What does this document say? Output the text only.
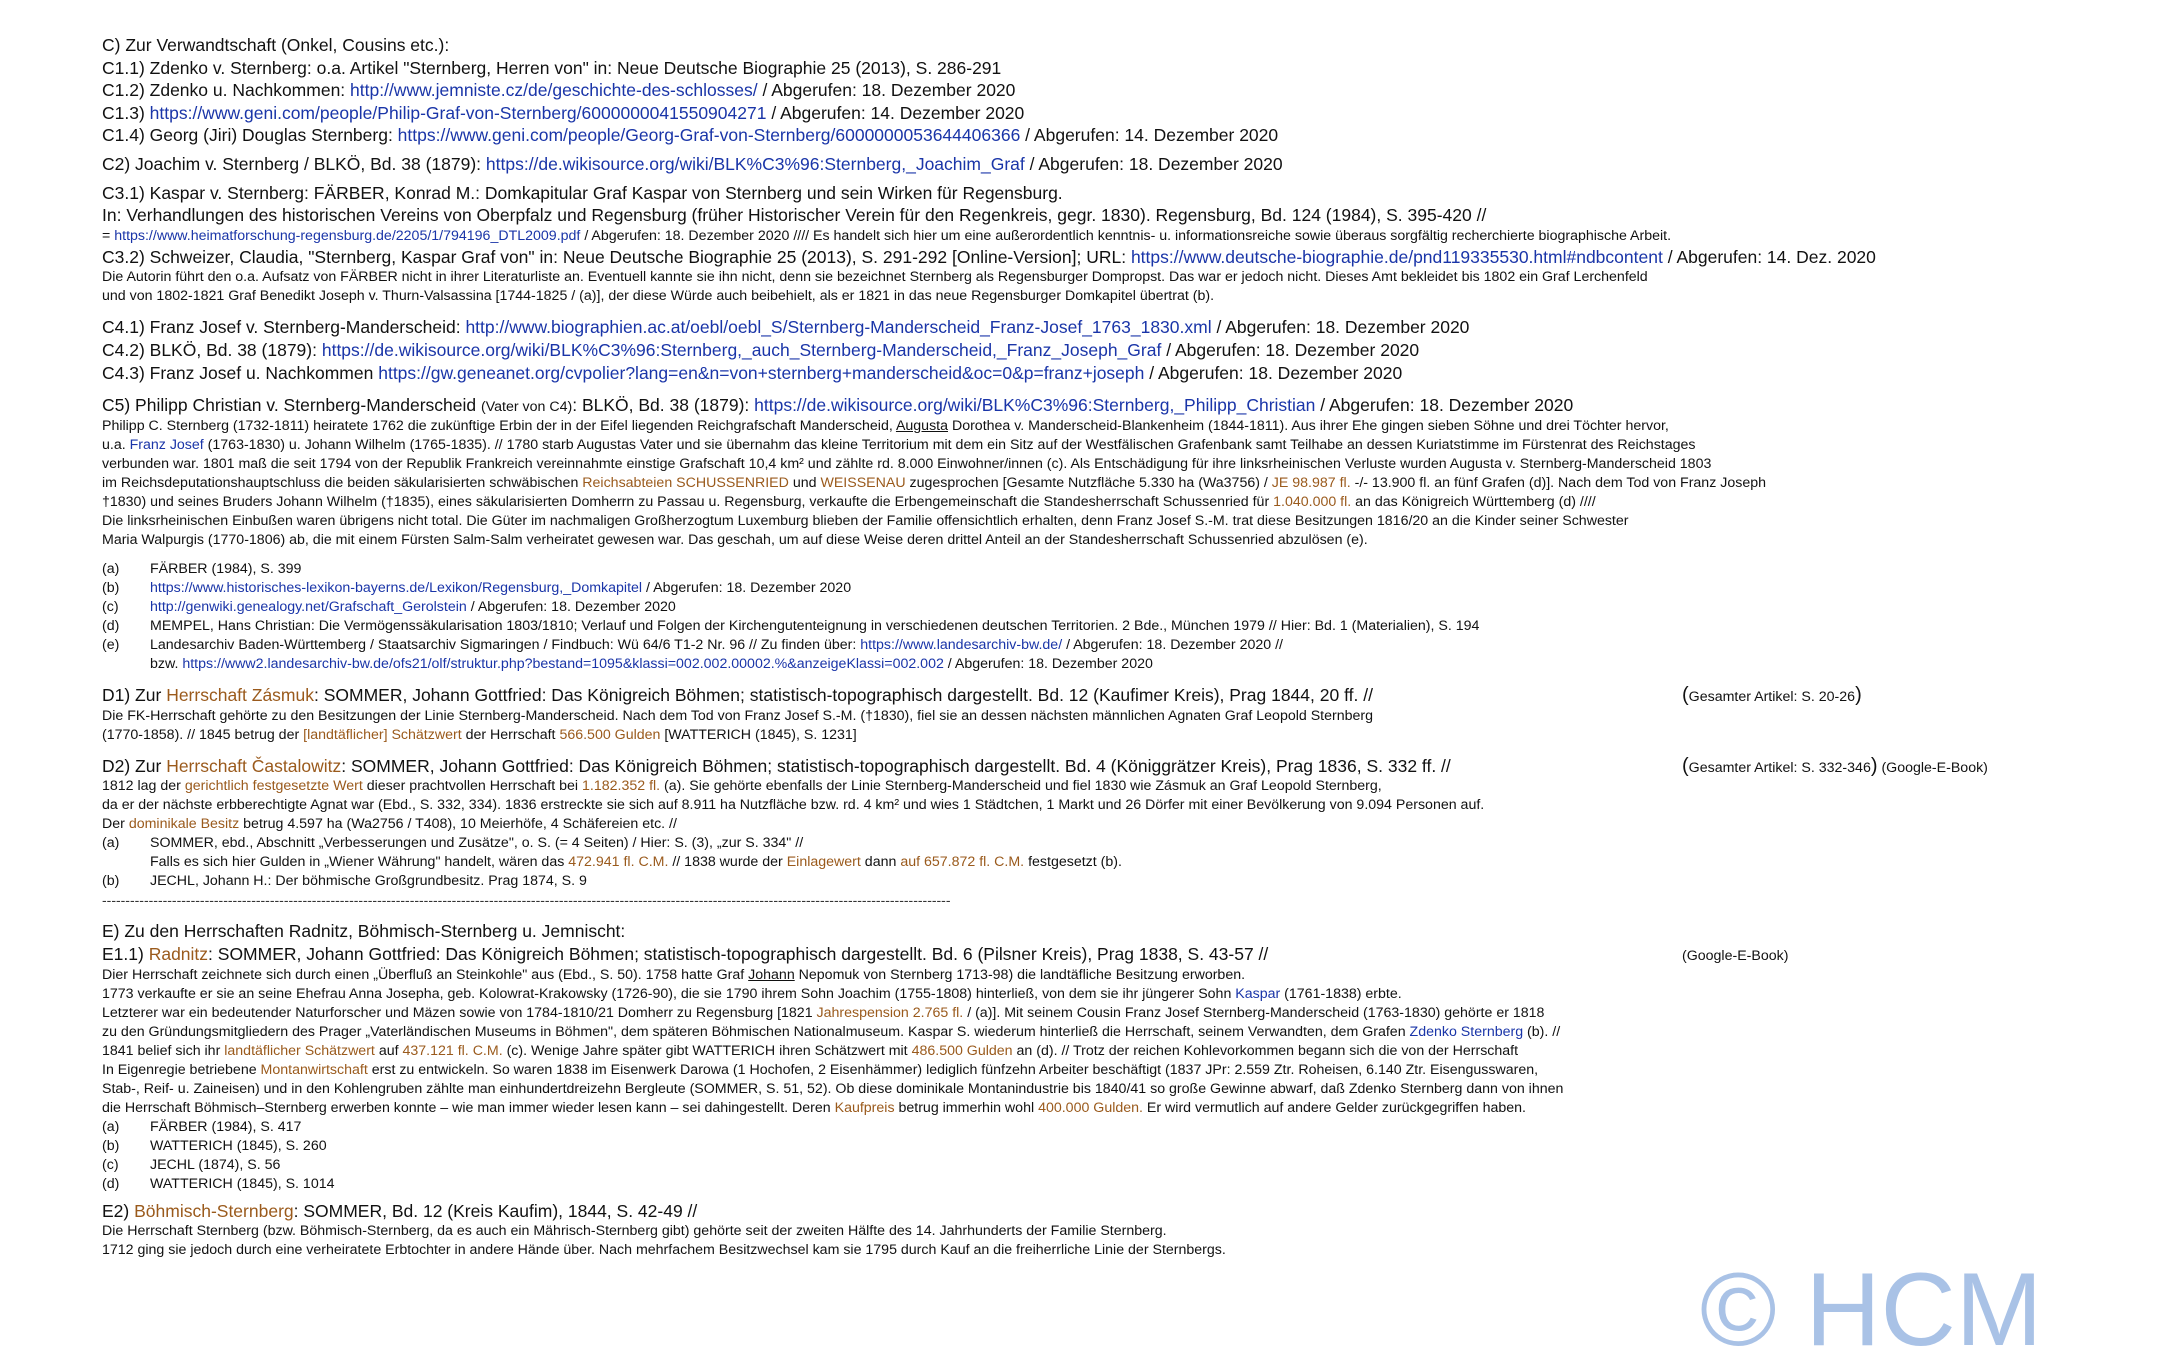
C) Zur Verwandtschaft (Onkel, Cousins etc.):
C1.1) Zdenko v. Sternberg: o.a. Artikel "Sternberg, Herren von" in: Neue Deutsche Biographie 25 (2013), S. 286-291
C1.2) Zdenko u. Nachkommen: http://www.jemniste.cz/de/geschichte-des-schlosses/ / Abgerufen: 18. Dezember 2020
C1.3) https://www.geni.com/people/Philip-Graf-von-Sternberg/6000000041550904271 / Abgerufen: 14. Dezember 2020
C1.4) Georg (Jiri) Douglas Sternberg: https://www.geni.com/people/Georg-Graf-von-Sternberg/6000000053644406366 / Abgerufen: 14. Dezember 2020
C2) Joachim v. Sternberg / BLKÖ, Bd. 38 (1879): https://de.wikisource.org/wiki/BLK%C3%96:Sternberg,_Joachim_Graf / Abgerufen: 18. Dezember 2020
C3.1) Kaspar v. Sternberg: FÄRBER, Konrad M.: Domkapitular Graf Kaspar von Sternberg und sein Wirken für Regensburg.
In: Verhandlungen des historischen Vereins von Oberpfalz und Regensburg (früher Historischer Verein für den Regenkreis, gegr. 1830). Regensburg, Bd. 124 (1984), S. 395-420 //
= https://www.heimatforschung-regensburg.de/2205/1/794196_DTL2009.pdf / Abgerufen: 18. Dezember 2020 //// Es handelt sich hier um eine außerordentlich kenntnis- u. informationsreiche sowie überaus sorgfältig recherchierte biographische Arbeit.
C3.2) Schweizer, Claudia, "Sternberg, Kaspar Graf von" in: Neue Deutsche Biographie 25 (2013), S. 291-292 [Online-Version]; URL: https://www.deutsche-biographie.de/pnd119335530.html#ndbcontent / Abgerufen: 14. Dez. 2020
Die Autorin führt den o.a. Aufsatz von FÄRBER nicht in ihrer Literaturliste an. Eventuell kannte sie ihn nicht, denn sie bezeichnet Sternberg als Regensburger Dompropst. Das war er jedoch nicht. Dieses Amt bekleidet bis 1802 ein Graf Lerchenfeld
und von 1802-1821 Graf Benedikt Joseph v. Thurn-Valsassina [1744-1825 / (a)], der diese Würde auch beibehielt, als er 1821 in das neue Regensburger Domkapitel übertrat (b).
C4.1) Franz Josef v. Sternberg-Manderscheid: http://www.biographien.ac.at/oebl/oebl_S/Sternberg-Manderscheid_Franz-Josef_1763_1830.xml / Abgerufen: 18. Dezember 2020
C4.2) BLKÖ, Bd. 38 (1879): https://de.wikisource.org/wiki/BLK%C3%96:Sternberg,_auch_Sternberg-Manderscheid,_Franz_Joseph_Graf / Abgerufen: 18. Dezember 2020
C4.3) Franz Josef u. Nachkommen https://gw.geneanet.org/cvpolier?lang=en&n=von+sternberg+manderscheid&oc=0&p=franz+joseph / Abgerufen: 18. Dezember 2020
C5) Philipp Christian v. Sternberg-Manderscheid (Vater von C4): BLKÖ, Bd. 38 (1879): https://de.wikisource.org/wiki/BLK%C3%96:Sternberg,_Philipp_Christian / Abgerufen: 18. Dezember 2020
Philipp C. Sternberg (1732-1811) heiratete 1762 die zukünftige Erbin der in der Eifel liegenden Reichgrafschaft Manderscheid, Augusta Dorothea v. Manderscheid-Blankenheim (1844-1811). Aus ihrer Ehe gingen sieben Söhne und drei Töchter hervor,
u.a. Franz Josef (1763-1830) u. Johann Wilhelm (1765-1835). // 1780 starb Augustas Vater und sie übernahm das kleine Territorium mit dem ein Sitz auf der Westfälischen Grafenbank samt Teilhabe an dessen Kuriatstimme im Fürstenrat des Reichstages
verbunden war. 1801 maß die seit 1794 von der Republik Frankreich vereinnahmte einstige Grafschaft 10,4 km² und zählte rd. 8.000 Einwohner/innen (c). Als Entschädigung für ihre linksrheinischen Verluste wurden Augusta v. Sternberg-Manderscheid 1803
im Reichsdeputationshauptschluss die beiden säkularisierten schwäbischen Reichsabteien SCHUSSENRIED und WEISSENAU zugesprochen [Gesamte Nutzfläche 5.330 ha (Wa3756) / JE 98.987 fl. -/- 13.900 fl. an fünf Grafen (d)]. Nach dem Tod von Franz Joseph
†1830) und seines Bruders Johann Wilhelm (†1835), eines säkularisierten Domherrn zu Passau u. Regensburg, verkaufte die Erbengemeinschaft die Standesherrschaft Schussenried für 1.040.000 fl. an das Königreich Württemberg (d) ////
Die linksrheinischen Einbußen waren übrigens nicht total. Die Güter im nachmaligen Großherzogtum Luxemburg blieben der Familie offensichtlich erhalten, denn Franz Josef S.-M. trat diese Besitzungen 1816/20 an die Kinder seiner Schwester
Maria Walpurgis (1770-1806) ab, die mit einem Fürsten Salm-Salm verheiratet gewesen war. Das geschah, um auf diese Weise deren drittel Anteil an der Standesherrschaft Schussenried abzulösen (e).
(a)	FÄRBER (1984), S. 399
(b)	https://www.historisches-lexikon-bayerns.de/Lexikon/Regensburg,_Domkapitel / Abgerufen: 18. Dezember 2020
(c)	http://genwiki.genealogy.net/Grafschaft_Gerolstein / Abgerufen: 18. Dezember 2020
(d)	MEMPEL, Hans Christian: Die Vermögenssäkularisation 1803/1810; Verlauf und Folgen der Kirchengutenteignung in verschiedenen deutschen Territorien. 2 Bde., München 1979 // Hier: Bd. 1 (Materialien), S. 194
(e)	Landesarchiv Baden-Württemberg / Staatsarchiv Sigmaringen / Findbuch: Wü 64/6 T1-2 Nr. 96 // Zu finden über: https://www.landesarchiv-bw.de/ / Abgerufen: 18. Dezember 2020 //
bzw. https://www2.landesarchiv-bw.de/ofs21/olf/struktur.php?bestand=1095&klassi=002.002.00002.%&anzeigeKlassi=002.002 / Abgerufen: 18. Dezember 2020
D1) Zur Herrschaft Zásmuk: SOMMER, Johann Gottfried: Das Königreich Böhmen; statistisch-topographisch dargestellt. Bd. 12 (Kaufimer Kreis), Prag 1844, 20 ff. //	(Gesamter Artikel: S. 20-26)
Die FK-Herrschaft gehörte zu den Besitzungen der Linie Sternberg-Manderscheid. Nach dem Tod von Franz Josef S.-M. (†1830), fiel sie an dessen nächsten männlichen Agnaten Graf Leopold Sternberg
(1770-1858). // 1845 betrug der [landtäflicher] Schätzwert der Herrschaft 566.500 Gulden [WATTERICH (1845), S. 1231]
D2) Zur Herrschaft Častalowitz: SOMMER, Johann Gottfried: Das Königreich Böhmen; statistisch-topographisch dargestellt. Bd. 4 (Königgrätzer Kreis), Prag 1836, S. 332 ff. //	(Gesamter Artikel: S. 332-346) (Google-E-Book)
1812 lag der gerichtlich festgesetzte Wert dieser prachtvollen Herrschaft bei 1.182.352 fl. (a). Sie gehörte ebenfalls der Linie Sternberg-Manderscheid und fiel 1830 wie Zásmuk an Graf Leopold Sternberg,
da er der nächste erbberechtigte Agnat war (Ebd., S. 332, 334). 1836 erstreckte sie sich auf 8.911 ha Nutzfläche bzw. rd. 4 km² und wies 1 Städtchen, 1 Markt und 26 Dörfer mit einer Bevölkerung von 9.094 Personen auf.
Der dominikale Besitz betrug 4.597 ha (Wa2756 / T408), 10 Meierhöfe, 4 Schäfereien etc. //
(a)	SOMMER, ebd., Abschnitt „Verbesserungen und Zusätze", o. S. (= 4 Seiten) / Hier: S. (3), „zur S. 334" //
Falls es sich hier Gulden in „Wiener Währung" handelt, wären das 472.941 fl. C.M. // 1838 wurde der Einlagewert dann auf 657.872 fl. C.M. festgesetzt (b).
(b)	JECHL, Johann H.: Der böhmische Großgrundbesitz. Prag 1874, S. 9
--------------------------------------------------------------------------------------------------------------------------------------------------------------------------------------
E) Zu den Herrschaften Radnitz, Böhmisch-Sternberg u. Jemnischt:
E1.1) Radnitz: SOMMER, Johann Gottfried: Das Königreich Böhmen; statistisch-topographisch dargestellt. Bd. 6 (Pilsner Kreis), Prag 1838, S. 43-57 //	(Google-E-Book)
Dier Herrschaft zeichnete sich durch einen „Überfluß an Steinkohle" aus (Ebd., S. 50). 1758 hatte Graf Johann Nepomuk von Sternberg 1713-98) die landtäfliche Besitzung erworben.
1773 verkaufte er sie an seine Ehefrau Anna Josepha, geb. Kolowrat-Krakowsky (1726-90), die sie 1790 ihrem Sohn Joachim (1755-1808) hinterließ, von dem sie ihr jüngerer Sohn Kaspar (1761-1838) erbte.
Letzterer war ein bedeutender Naturforscher und Mäzen sowie von 1784-1810/21 Domherr zu Regensburg [1821 Jahrespension 2.765 fl. / (a)]. Mit seinem Cousin Franz Josef Sternberg-Manderscheid (1763-1830) gehörte er 1818
zu den Gründungsmitgliedern des Prager „Vaterländischen Museums in Böhmen", dem späteren Böhmischen Nationalmuseum. Kaspar S. wiederum hinterließ die Herrschaft, seinem Verwandten, dem Grafen Zdenko Sternberg (b). //
1841 belief sich ihr landtäflicher Schätzwert auf 437.121 fl. C.M. (c). Wenige Jahre später gibt WATTERICH ihren Schätzwert mit 486.500 Gulden an (d). // Trotz der reichen Kohlevorkommen begann sich die von der Herrschaft
In Eigenregie betriebene Montanwirtschaft erst zu entwickeln. So waren 1838 im Eisenwerk Darowa (1 Hochofen, 2 Eisenhämmer) lediglich fünfzehn Arbeiter beschäftigt (1837 JPr: 2.559 Ztr. Roheisen, 6.140 Ztr. Eisengusswaren,
Stab-, Reif- u. Zaineisen) und in den Kohlengruben zählte man einhundertdreizehn Bergleute (SOMMER, S. 51, 52). Ob diese dominikale Montanindustrie bis 1840/41 so große Gewinne abwarf, daß Zdenko Sternberg dann von ihnen
die Herrschaft Böhmisch–Sternberg erwerben konnte – wie man immer wieder lesen kann – sei dahingestellt. Deren Kaufpreis betrug immerhin wohl 400.000 Gulden. Er wird vermutlich auf andere Gelder zurückgegriffen haben.
(a)	FÄRBER (1984), S. 417
(b)	WATTERICH (1845), S. 260
(c)	JECHL (1874), S. 56
(d)	WATTERICH (1845), S. 1014
E2) Böhmisch-Sternberg: SOMMER, Bd. 12 (Kreis Kaufim), 1844, S. 42-49 //
Die Herrschaft Sternberg (bzw. Böhmisch-Sternberg, da es auch ein Mährisch-Sternberg gibt) gehörte seit der zweiten Hälfte des 14. Jahrhunderts der Familie Sternberg.
1712 ging sie jedoch durch eine verheiratete Erbtochter in andere Hände über. Nach mehrfachem Besitzwechsel kam sie 1795 durch Kauf an die freiherrliche Linie der Sternbergs.
© HCM
